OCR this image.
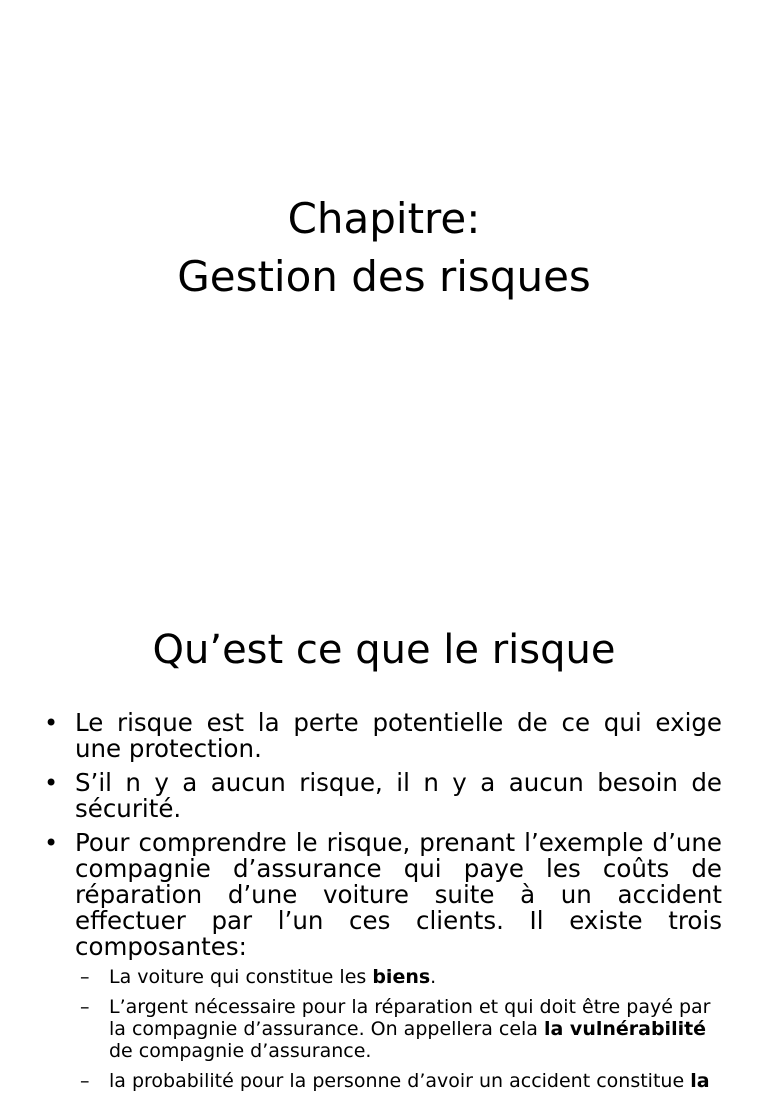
Chapitre:
Gestion des risques
Qu’est ce que le risque
• Le risque est la perte potentielle de ce qui exige une protection.
• S’il n y a aucun risque, il n y a aucun besoin de sécurité.
• Pour comprendre le risque, prenant l’exemple d’une compagnie d’assurance qui paye les coûts de réparation d’une voiture suite à un accident effectuer par l’un ces clients. Il existe trois composantes:
– La voiture qui constitue les biens.
– L’argent nécessaire pour la réparation et qui doit être payé par la compagnie d’assurance. On appellera cela la vulnérabilité de compagnie d’assurance.
– la probabilité pour la personne d’avoir un accident constitue la
